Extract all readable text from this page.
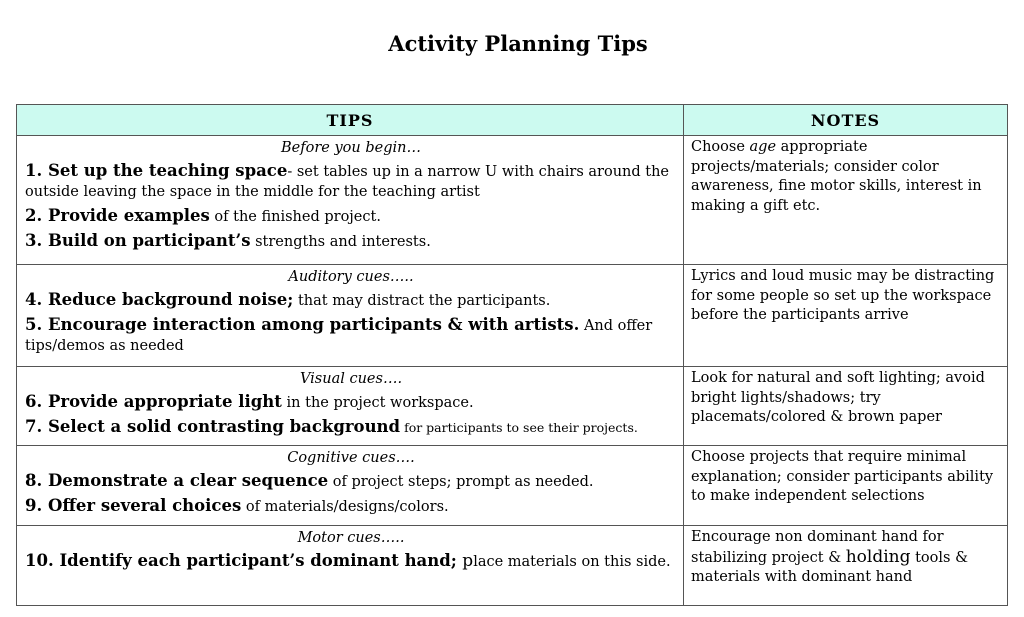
Activity Planning Tips
TIPS	NOTES

Before you begin…
1. Set up the teaching space- set tables up in a narrow U with chairs around the outside leaving the space in the middle for the teaching artist
2. Provide examples of the finished project.
3. Build on participant’s strengths and interests.	Choose age appropriate projects/materials; consider color awareness, fine motor skills, interest in making a gift etc.

Auditory cues…..
4. Reduce background noise; that may distract the participants.
5. Encourage interaction among participants & with artists. And offer tips/demos as needed	Lyrics and loud music may be distracting for some people so set up the workspace before the participants arrive

Visual cues….
6. Provide appropriate light in the project workspace.
7. Select a solid contrasting background for participants to see their projects.	Look for natural and soft lighting; avoid bright lights/shadows; try placemats/colored & brown paper

Cognitive cues….
8. Demonstrate a clear sequence of project steps; prompt as needed.
9. Offer several choices of materials/designs/colors.	Choose projects that require minimal explanation; consider participants ability to make independent selections

Motor cues…..
10. Identify each participant’s dominant hand; place materials on this side.	Encourage non dominant hand for stabilizing project & holding tools & materials with dominant hand
